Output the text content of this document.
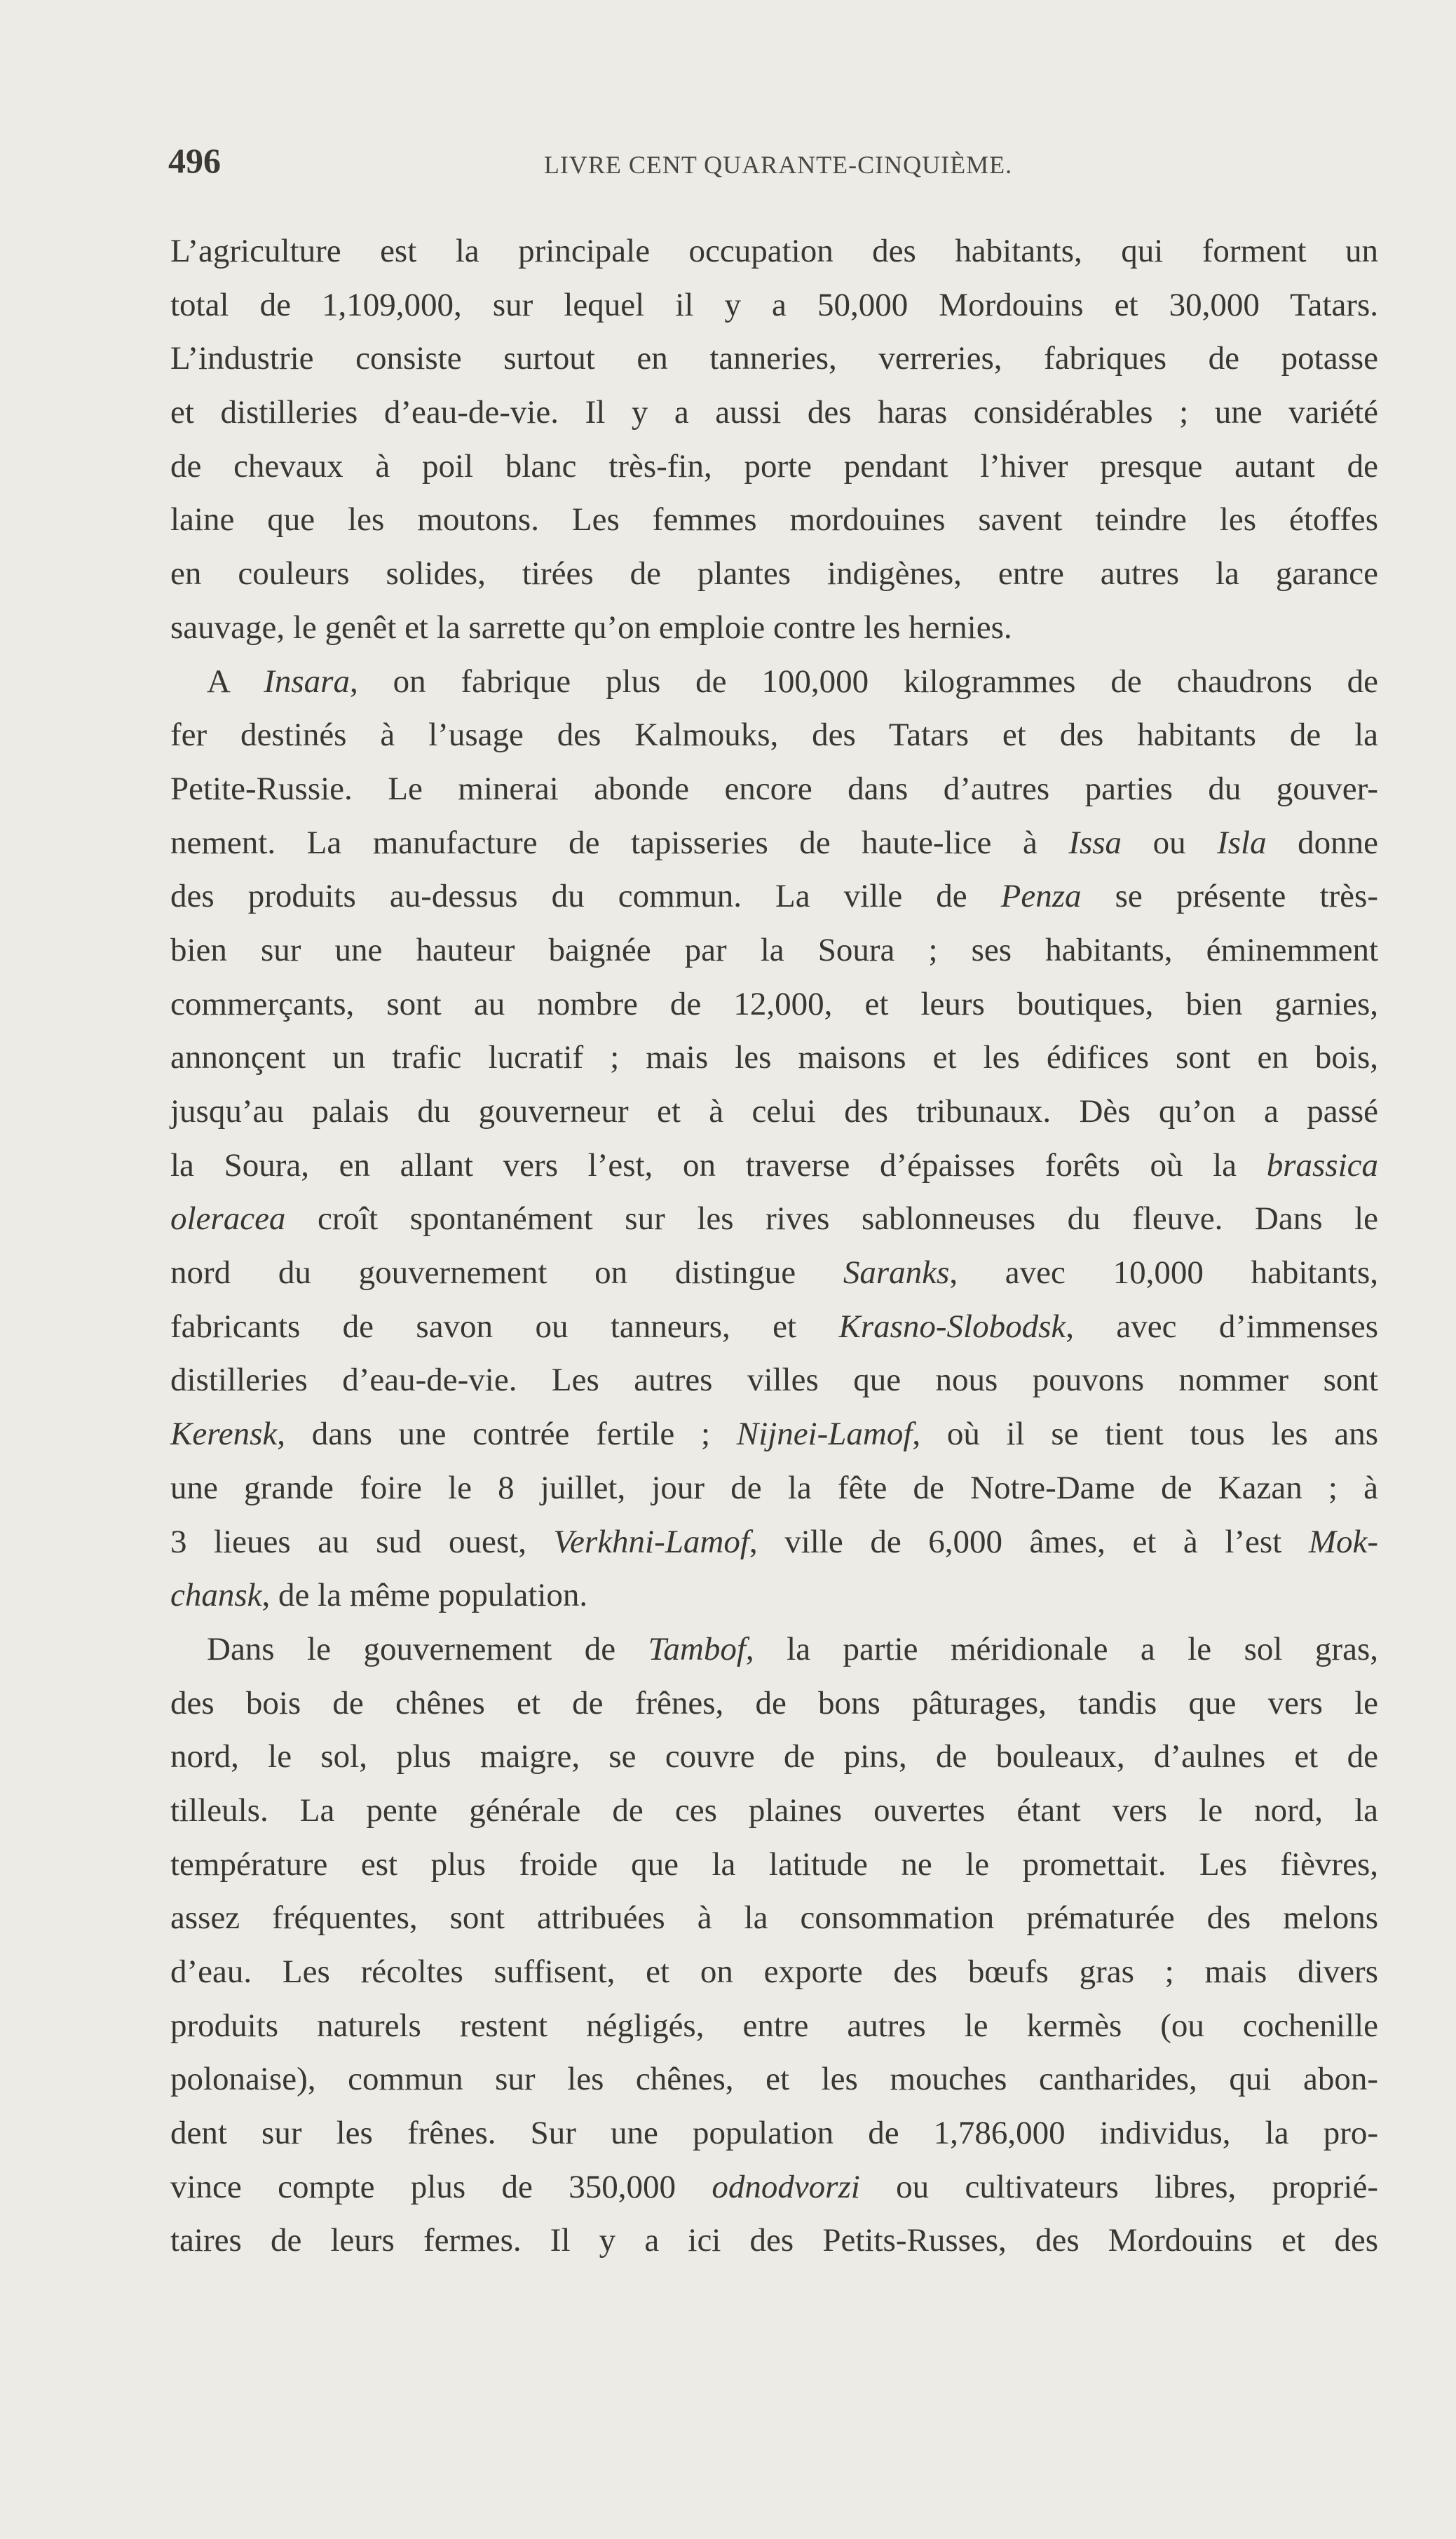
496	LIVRE CENT QUARANTE-CINQUIÈME.
L’agriculture est la principale occupation des habitants, qui forment un
total de 1,109,000, sur lequel il y a 50,000 Mordouins et 30,000 Tatars.
L’industrie consiste surtout en tanneries, verreries, fabriques de potasse
et distilleries d’eau-de-vie. Il y a aussi des haras considérables ; une variété
de chevaux à poil blanc très-fin, porte pendant l’hiver presque autant de
laine que les moutons. Les femmes mordouines savent teindre les étoffes
en couleurs solides, tirées de plantes indigènes, entre autres la garance
sauvage, le genêt et la sarrette qu’on emploie contre les hernies.
A Insara, on fabrique plus de 100,000 kilogrammes de chaudrons de
fer destinés à l’usage des Kalmouks, des Tatars et des habitants de la
Petite-Russie. Le minerai abonde encore dans d’autres parties du gouver-
nement. La manufacture de tapisseries de haute-lice à Issa ou Isla donne
des produits au-dessus du commun. La ville de Penza se présente très-
bien sur une hauteur baignée par la Soura ; ses habitants, éminemment
commerçants, sont au nombre de 12,000, et leurs boutiques, bien garnies,
annonçent un trafic lucratif ; mais les maisons et les édifices sont en bois,
jusqu’au palais du gouverneur et à celui des tribunaux. Dès qu’on a passé
la Soura, en allant vers l’est, on traverse d’épaisses forêts où la brassica
oleracea croît spontanément sur les rives sablonneuses du fleuve. Dans le
nord du gouvernement on distingue Saranks, avec 10,000 habitants,
fabricants de savon ou tanneurs, et Krasno-Slobodsk, avec d’immenses
distilleries d’eau-de-vie. Les autres villes que nous pouvons nommer sont
Kerensk, dans une contrée fertile ; Nijnei-Lamof, où il se tient tous les ans
une grande foire le 8 juillet, jour de la fête de Notre-Dame de Kazan ; à
3 lieues au sud ouest, Verkhni-Lamof, ville de 6,000 âmes, et à l’est Mok-
chansk, de la même population.
Dans le gouvernement de Tambof, la partie méridionale a le sol gras,
des bois de chênes et de frênes, de bons pâturages, tandis que vers le
nord, le sol, plus maigre, se couvre de pins, de bouleaux, d’aulnes et de
tilleuls. La pente générale de ces plaines ouvertes étant vers le nord, la
température est plus froide que la latitude ne le promettait. Les fièvres,
assez fréquentes, sont attribuées à la consommation prématurée des melons
d’eau. Les récoltes suffisent, et on exporte des bœufs gras ; mais divers
produits naturels restent négligés, entre autres le kermès (ou cochenille
polonaise), commun sur les chênes, et les mouches cantharides, qui abon-
dent sur les frênes. Sur une population de 1,786,000 individus, la pro-
vince compte plus de 350,000 odnodvorzi ou cultivateurs libres, proprié-
taires de leurs fermes. Il y a ici des Petits-Russes, des Mordouins et des
